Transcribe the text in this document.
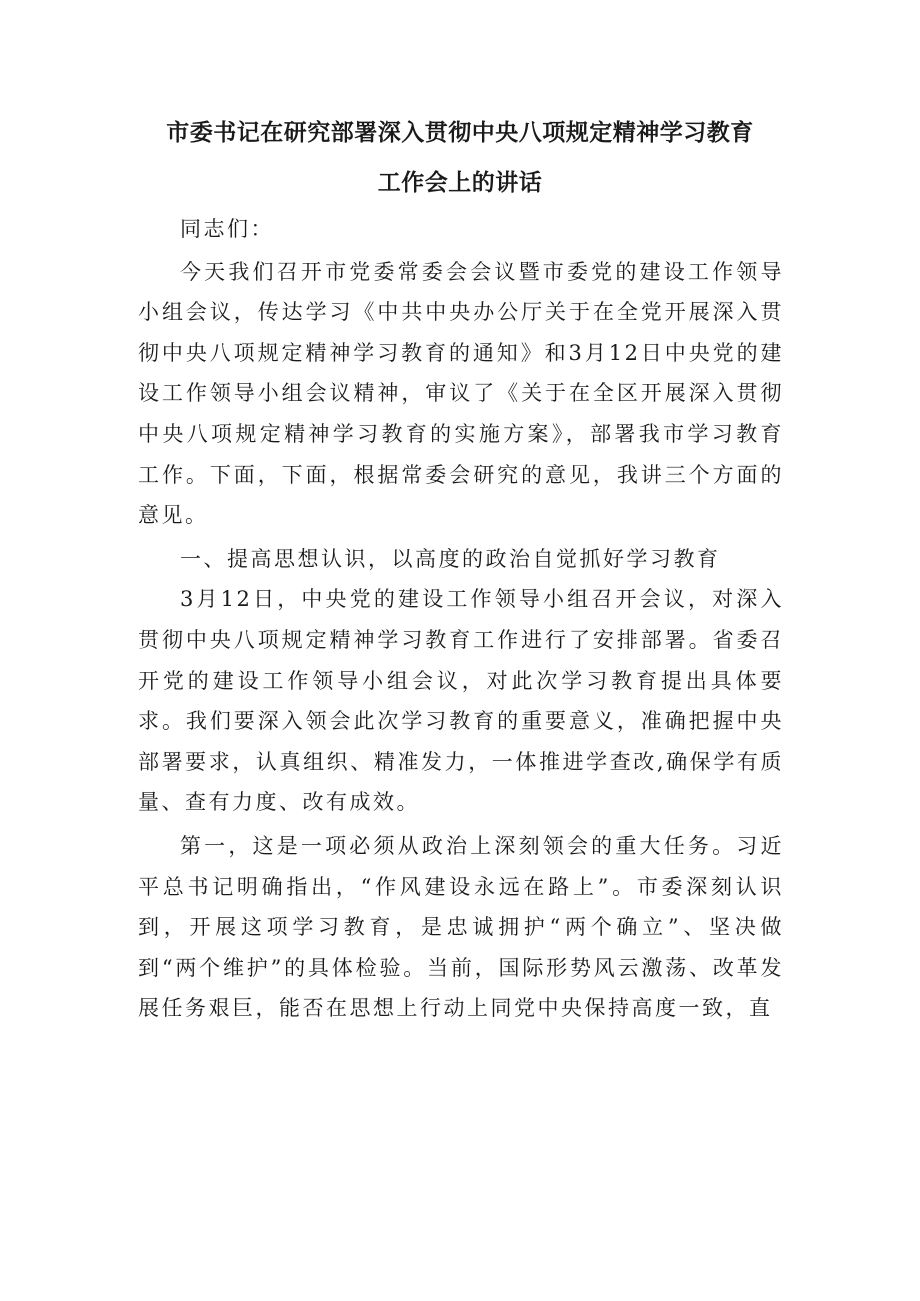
市委书记在研究部署深入贯彻中央八项规定精神学习教育
工作会上的讲话

同志们：

今天我们召开市党委常委会会议暨市委党的建设工作领导小组会议，传达学习《中共中央办公厅关于在全党开展深入贯彻中央八项规定精神学习教育的通知》和3月12日中央党的建设工作领导小组会议精神，审议了《关于在全区开展深入贯彻中央八项规定精神学习教育的实施方案》，部署我市学习教育工作。下面，下面，根据常委会研究的意见，我讲三个方面的意见。

一、提高思想认识，以高度的政治自觉抓好学习教育

3月12日，中央党的建设工作领导小组召开会议，对深入贯彻中央八项规定精神学习教育工作进行了安排部署。省委召开党的建设工作领导小组会议，对此次学习教育提出具体要求。我们要深入领会此次学习教育的重要意义，准确把握中央部署要求，认真组织、精准发力，一体推进学查改,确保学有质量、查有力度、改有成效。

第一，这是一项必须从政治上深刻领会的重大任务。习近平总书记明确指出，“作风建设永远在路上”。市委深刻认识到，开展这项学习教育，是忠诚拥护“两个确立”、坚决做到“两个维护”的具体检验。当前，国际形势风云激荡、改革发展任务艰巨，能否在思想上行动上同党中央保持高度一致，直
